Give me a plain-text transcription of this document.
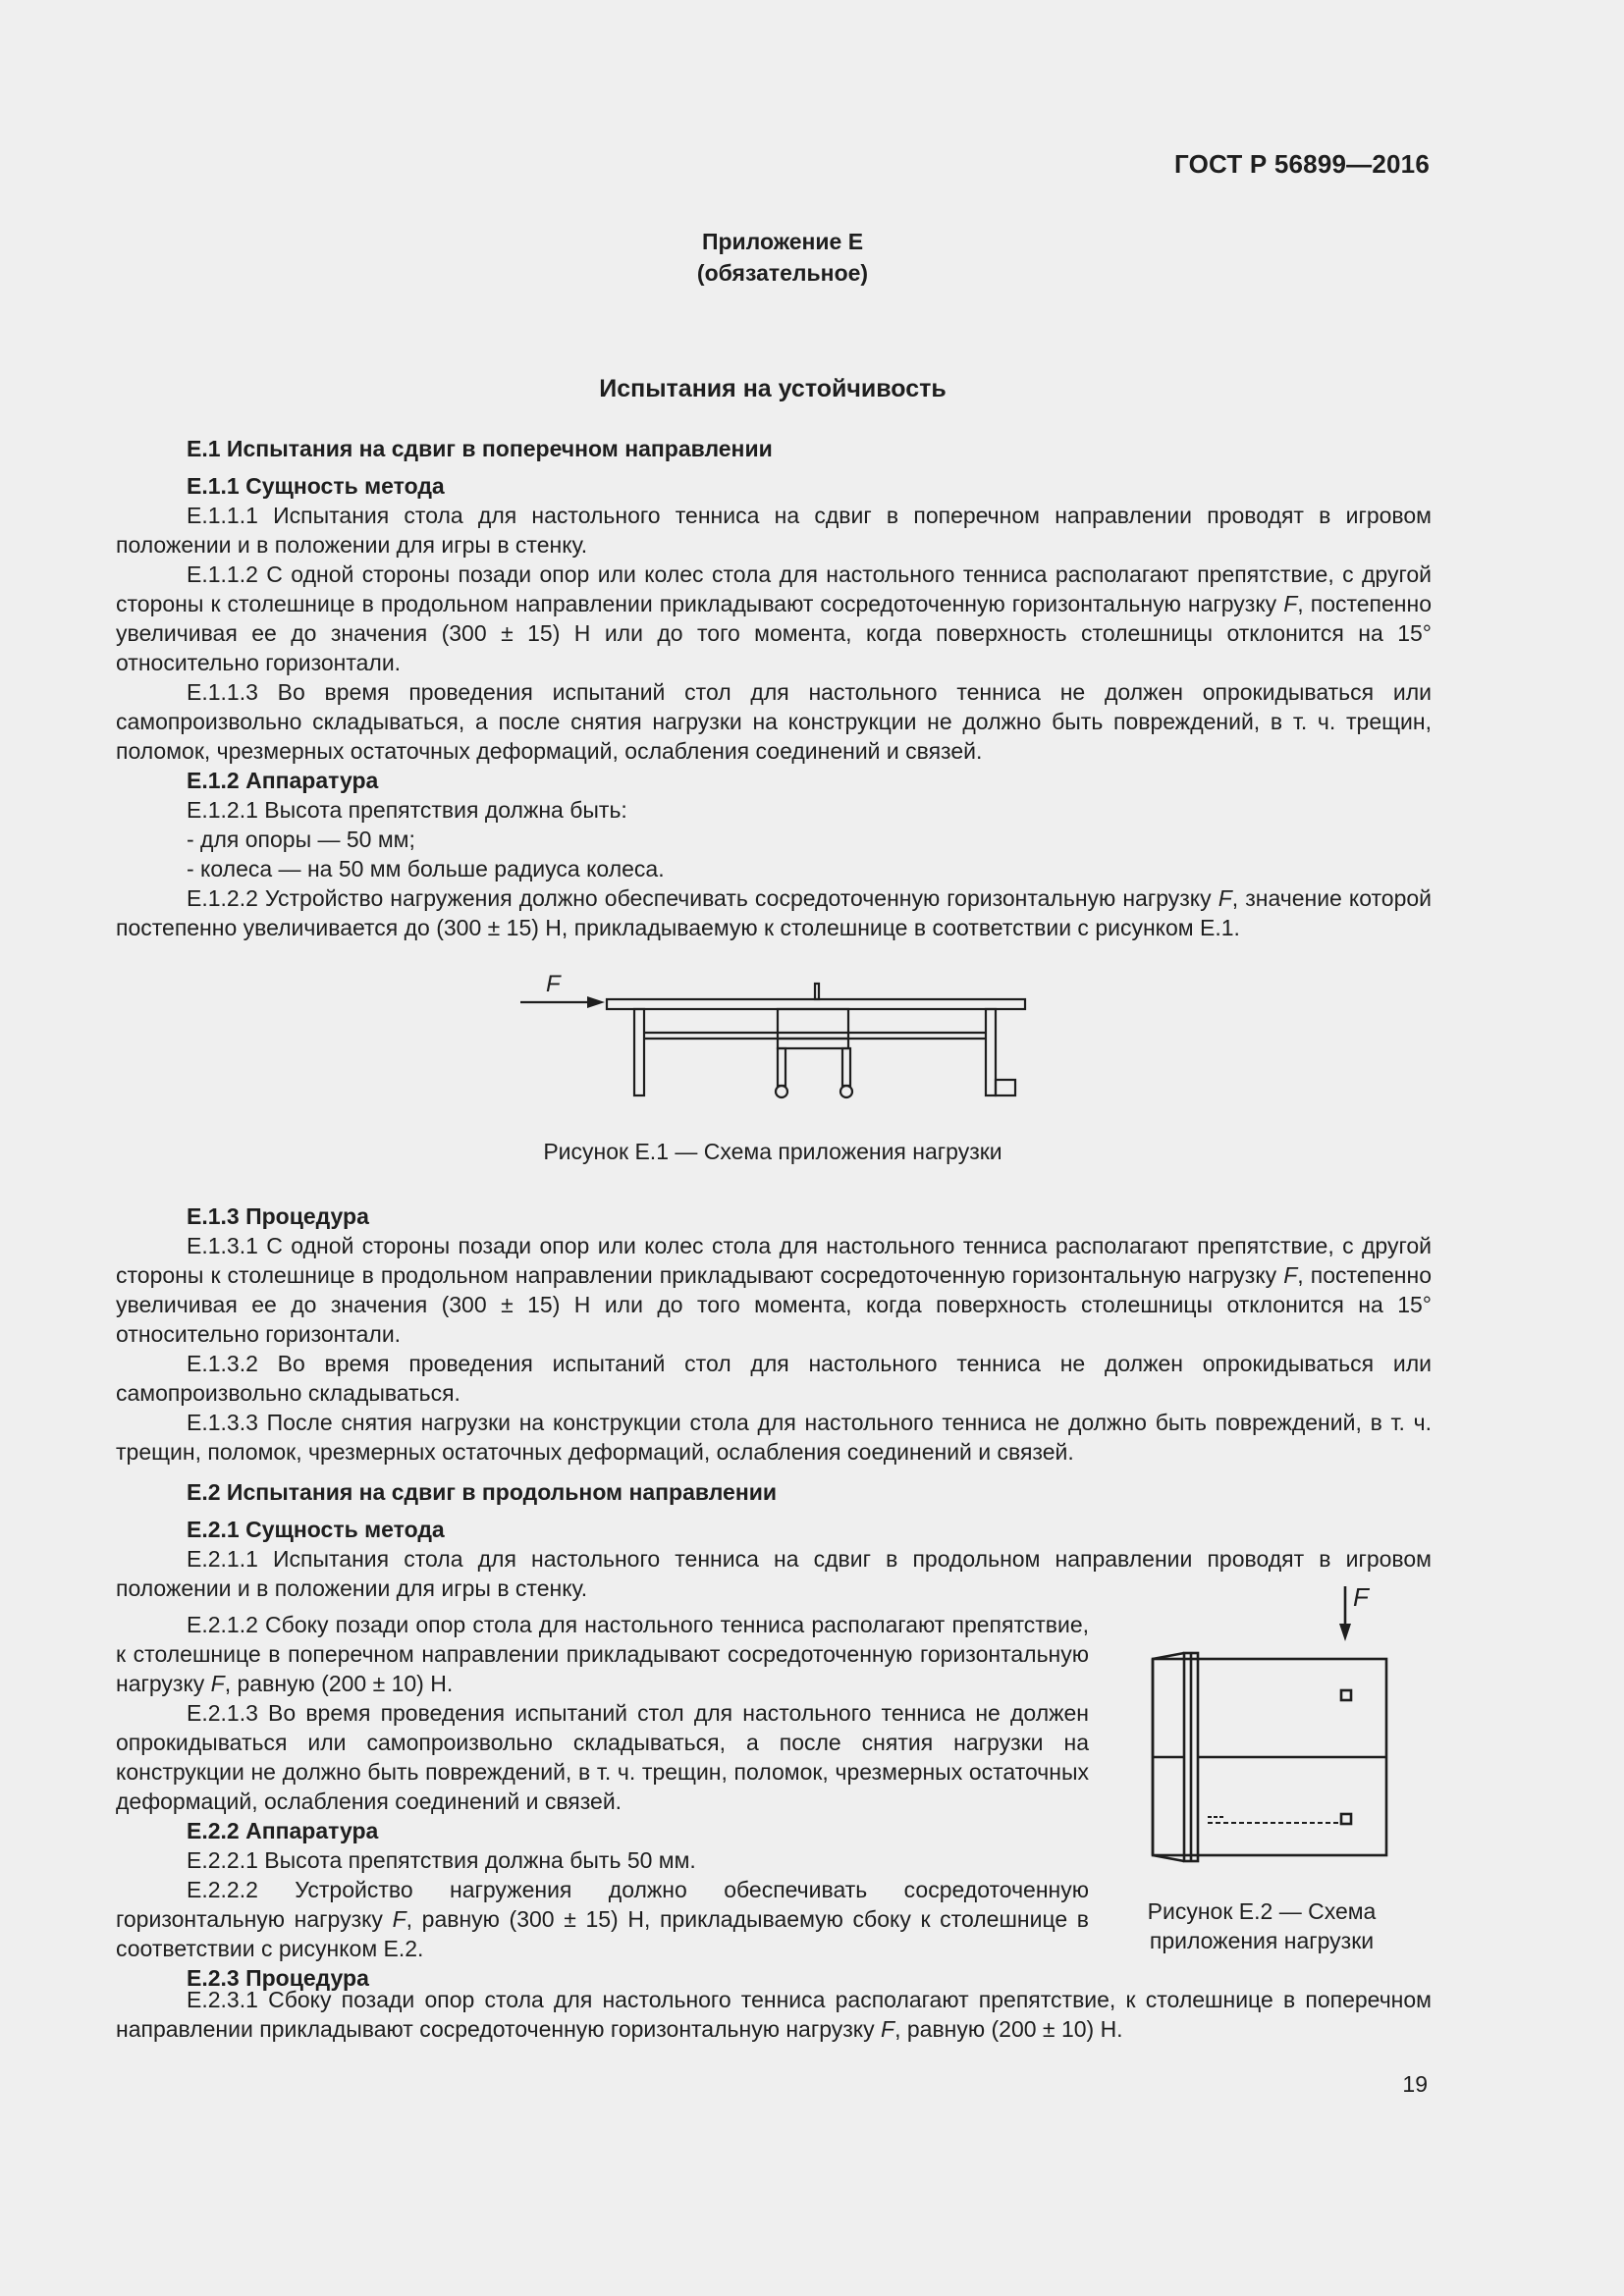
ГОСТ Р 56899—2016
Приложение Е
(обязательное)
Испытания на устойчивость

Е.1 Испытания на сдвиг в поперечном направлении

Е.1.1 Сущность метода

Е.1.1.1 Испытания стола для настольного тенниса на сдвиг в поперечном направлении проводят в игровом положении и в положении для игры в стенку.

Е.1.1.2 С одной стороны позади опор или колес стола для настольного тенниса располагают препятствие, с другой стороны к столешнице в продольном направлении прикладывают сосредоточенную горизонтальную нагрузку F, постепенно увеличивая ее до значения (300 ± 15) Н или до того момента, когда поверхность столешницы отклонится на 15° относительно горизонтали.

Е.1.1.3 Во время проведения испытаний стол для настольного тенниса не должен опрокидываться или самопроизвольно складываться, а после снятия нагрузки на конструкции не должно быть повреждений, в т. ч. трещин, поломок, чрезмерных остаточных деформаций, ослабления соединений и связей.

Е.1.2 Аппаратура

Е.1.2.1 Высота препятствия должна быть:

- для опоры — 50 мм;

- колеса — на 50 мм больше радиуса колеса.

Е.1.2.2 Устройство нагружения должно обеспечивать сосредоточенную горизонтальную нагрузку F, значение которой постепенно увеличивается до (300 ± 15) Н, прикладываемую к столешнице в соответствии с рисунком Е.1.

F
Рисунок Е.1 — Схема приложения нагрузки

Е.1.3 Процедура

Е.1.3.1 С одной стороны позади опор или колес стола для настольного тенниса располагают препятствие, с другой стороны к столешнице в продольном направлении прикладывают сосредоточенную горизонтальную нагрузку F, постепенно увеличивая ее до значения (300 ± 15) Н или до того момента, когда поверхность столешницы отклонится на 15° относительно горизонтали.

Е.1.3.2 Во время проведения испытаний стол для настольного тенниса не должен опрокидываться или самопроизвольно складываться.

Е.1.3.3 После снятия нагрузки на конструкции стола для настольного тенниса не должно быть повреждений, в т. ч. трещин, поломок, чрезмерных остаточных деформаций, ослабления соединений и связей.

Е.2 Испытания на сдвиг в продольном направлении

Е.2.1 Сущность метода

Е.2.1.1 Испытания стола для настольного тенниса на сдвиг в продольном направлении проводят в игровом положении и в положении для игры в стенку.

Е.2.1.2 Сбоку позади опор стола для настольного тенниса располагают препятствие, к столешнице в поперечном направлении прикладывают сосредоточенную горизонтальную нагрузку F, равную (200 ± 10) Н.

Е.2.1.3 Во время проведения испытаний стол для настольного тенниса не должен опрокидываться или самопроизвольно складываться, а после снятия нагрузки на конструкции не должно быть повреждений, в т. ч. трещин, поломок, чрезмерных остаточных деформаций, ослабления соединений и связей.

Е.2.2 Аппаратура

Е.2.2.1 Высота препятствия должна быть 50 мм.

Е.2.2.2 Устройство нагружения должно обеспечивать сосредоточенную горизонтальную нагрузку F, равную (300 ± 15) Н, прикладываемую сбоку к столешнице в соответствии с рисунком Е.2.

Е.2.3 Процедура

F
Рисунок Е.2 — Схема
приложения нагрузки

Е.2.3.1 Сбоку позади опор стола для настольного тенниса располагают препятствие, к столешнице в поперечном направлении прикладывают сосредоточенную горизонтальную нагрузку F, равную (200 ± 10) Н.

19
